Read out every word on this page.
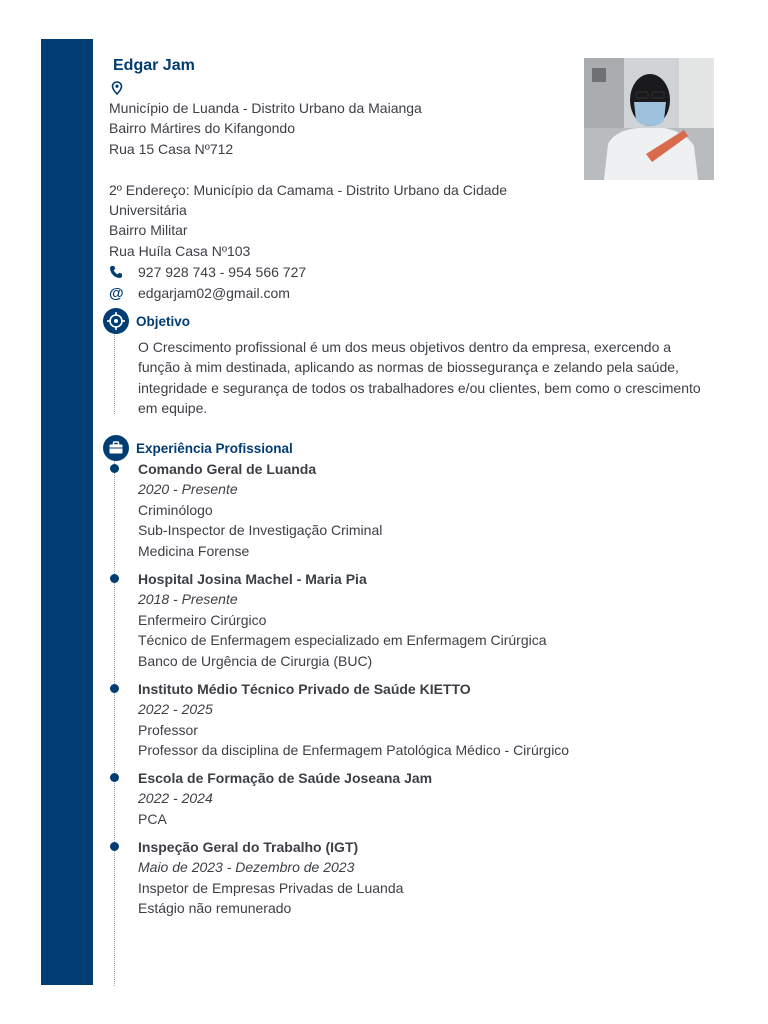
Edgar Jam
Município de Luanda - Distrito Urbano da Maianga
Bairro Mártires do Kifangondo
Rua 15 Casa Nº712
2º Endereço: Município da Camama - Distrito Urbano da Cidade
Universitária
Bairro Militar
Rua Huíla Casa Nº103
927 928 743 - 954 566 727
@ edgarjam02@gmail.com
Objetivo

O Crescimento profissional é um dos meus objetivos dentro da empresa, exercendo a função à mim destinada, aplicando as normas de biossegurança e zelando pela saúde, integridade e segurança de todos os trabalhadores e/ou clientes, bem como o crescimento em equipe.

Experiência Profissional
Comando Geral de Luanda
2020 - Presente
Criminólogo
Sub-Inspector de Investigação Criminal
Medicina Forense
Hospital Josina Machel - Maria Pia
2018 - Presente
Enfermeiro Cirúrgico
Técnico de Enfermagem especializado em Enfermagem Cirúrgica
Banco de Urgência de Cirurgia (BUC)
Instituto Médio Técnico Privado de Saúde KIETTO
2022 - 2025
Professor
Professor da disciplina de Enfermagem Patológica Médico - Cirúrgico
Escola de Formação de Saúde Joseana Jam
2022 - 2024
PCA
Inspeção Geral do Trabalho (IGT)
Maio de 2023 - Dezembro de 2023
Inspetor de Empresas Privadas de Luanda
Estágio não remunerado
